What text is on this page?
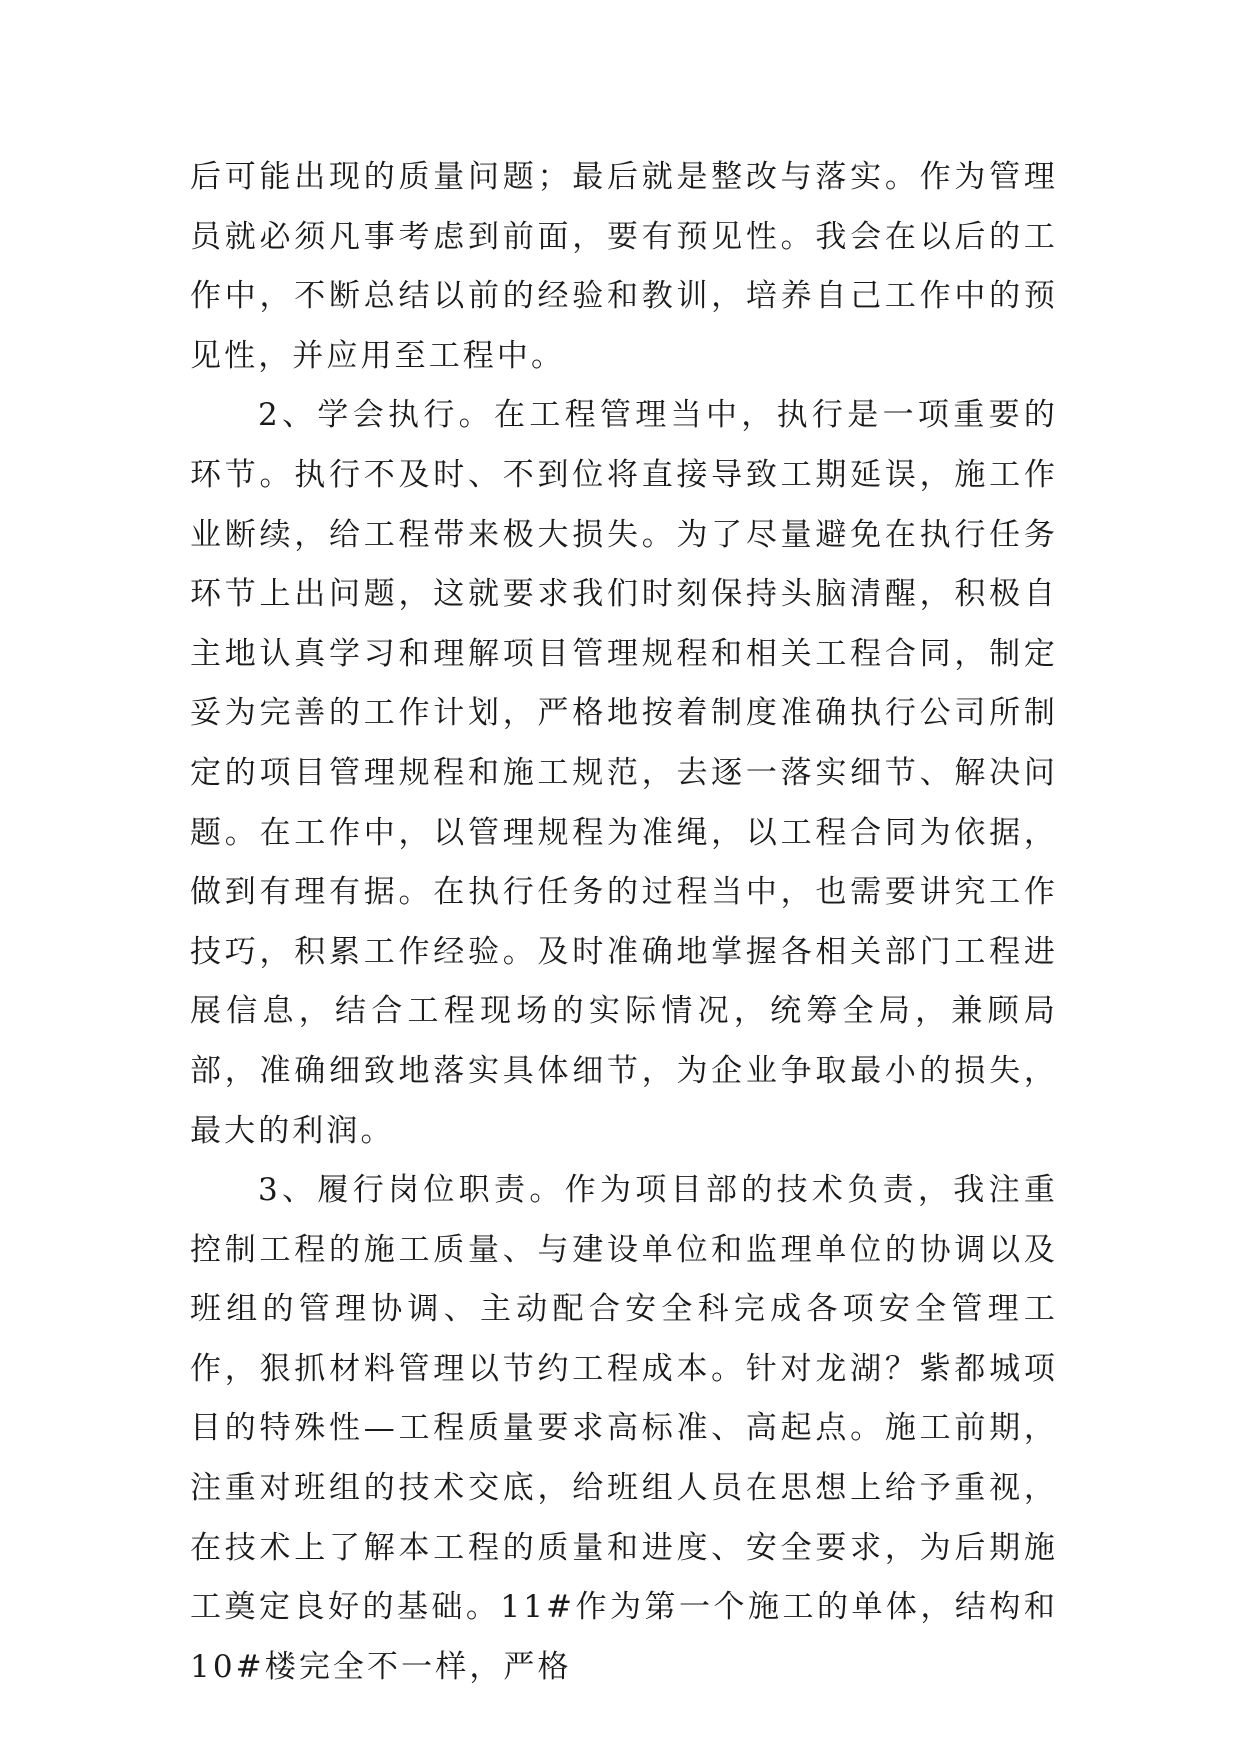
后可能出现的质量问题；最后就是整改与落实。作为管理员就必须凡事考虑到前面，要有预见性。我会在以后的工作中，不断总结以前的经验和教训，培养自己工作中的预见性，并应用至工程中。

2、学会执行。在工程管理当中，执行是一项重要的环节。执行不及时、不到位将直接导致工期延误，施工作业断续，给工程带来极大损失。为了尽量避免在执行任务环节上出问题，这就要求我们时刻保持头脑清醒，积极自主地认真学习和理解项目管理规程和相关工程合同，制定妥为完善的工作计划，严格地按着制度准确执行公司所制定的项目管理规程和施工规范，去逐一落实细节、解决问题。在工作中，以管理规程为准绳，以工程合同为依据，做到有理有据。在执行任务的过程当中，也需要讲究工作技巧，积累工作经验。及时准确地掌握各相关部门工程进展信息，结合工程现场的实际情况，统筹全局，兼顾局部，准确细致地落实具体细节，为企业争取最小的损失，最大的利润。

3、履行岗位职责。作为项目部的技术负责，我注重控制工程的施工质量、与建设单位和监理单位的协调以及班组的管理协调、主动配合安全科完成各项安全管理工作，狠抓材料管理以节约工程成本。针对龙湖？紫都城项目的特殊性—工程质量要求高标准、高起点。施工前期，注重对班组的技术交底，给班组人员在思想上给予重视，在技术上了解本工程的质量和进度、安全要求，为后期施工奠定良好的基础。11#作为第一个施工的单体，结构和10#楼完全不一样，严格
